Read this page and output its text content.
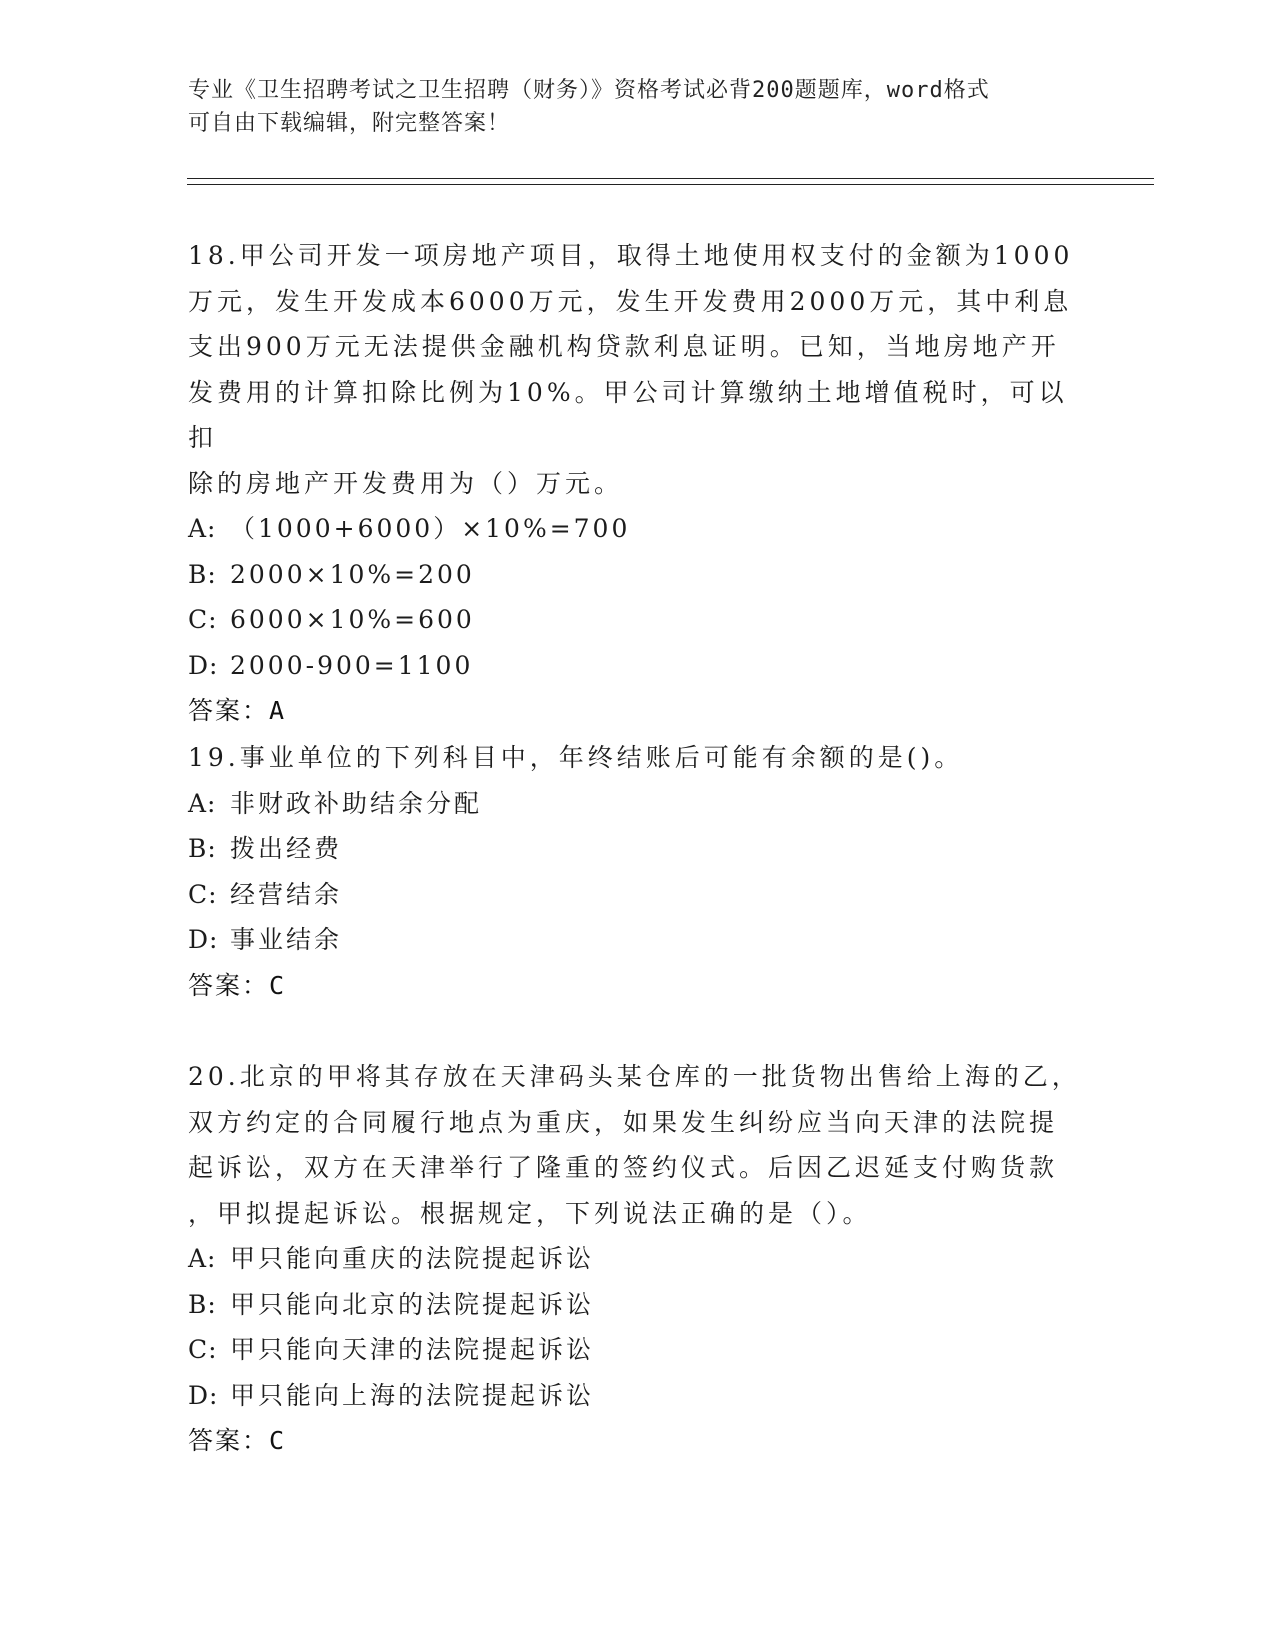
专业《卫生招聘考试之卫生招聘（财务）》资格考试必背200题题库，word格式
可自由下载编辑，附完整答案！

18.甲公司开发一项房地产项目，取得土地使用权支付的金额为1000

万元，发生开发成本6000万元，发生开发费用2000万元，其中利息

支出900万元无法提供金融机构贷款利息证明。已知，当地房地产开

发费用的计算扣除比例为10%。甲公司计算缴纳土地增值税时，可以扣

除的房地产开发费用为（）万元。

A: （1000+6000）×10%=700
B: 2000×10%=200
C: 6000×10%=600
D: 2000-900=1100

答案：A

19.事业单位的下列科目中，年终结账后可能有余额的是()。

A: 非财政补助结余分配
B: 拨出经费
C: 经营结余
D: 事业结余

答案：C

20.北京的甲将其存放在天津码头某仓库的一批货物出售给上海的乙，

双方约定的合同履行地点为重庆，如果发生纠纷应当向天津的法院提

起诉讼，双方在天津举行了隆重的签约仪式。后因乙迟延支付购货款

，甲拟提起诉讼。根据规定，下列说法正确的是（）。

A: 甲只能向重庆的法院提起诉讼
B: 甲只能向北京的法院提起诉讼
C: 甲只能向天津的法院提起诉讼
D: 甲只能向上海的法院提起诉讼

答案：C
